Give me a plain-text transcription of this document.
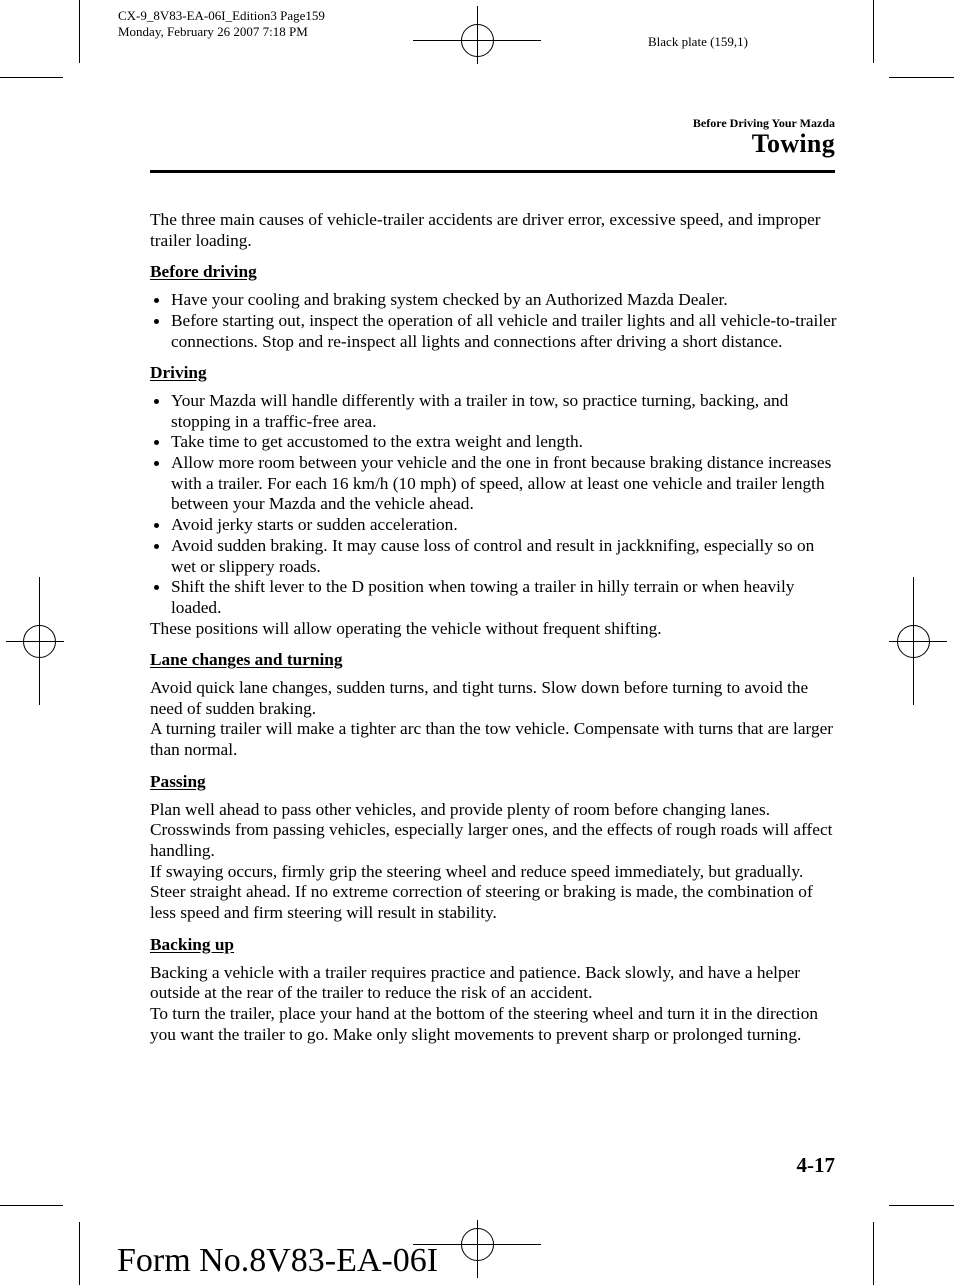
CX-9_8V83-EA-06I_Edition3 Page159
Monday, February 26 2007 7:18 PM
Black plate (159,1)
Before Driving Your Mazda
Towing

The three main causes of vehicle-trailer accidents are driver error, excessive speed, and improper trailer loading.

Before driving
Have your cooling and braking system checked by an Authorized Mazda Dealer.
Before starting out, inspect the operation of all vehicle and trailer lights and all vehicle-to-trailer connections. Stop and re-inspect all lights and connections after driving a short distance.
Driving
Your Mazda will handle differently with a trailer in tow, so practice turning, backing, and stopping in a traffic-free area.
Take time to get accustomed to the extra weight and length.
Allow more room between your vehicle and the one in front because braking distance increases with a trailer. For each 16 km/h (10 mph) of speed, allow at least one vehicle and trailer length between your Mazda and the vehicle ahead.
Avoid jerky starts or sudden acceleration.
Avoid sudden braking. It may cause loss of control and result in jackknifing, especially so on wet or slippery roads.
Shift the shift lever to the D position when towing a trailer in hilly terrain or when heavily loaded.

These positions will allow operating the vehicle without frequent shifting.

Lane changes and turning

Avoid quick lane changes, sudden turns, and tight turns. Slow down before turning to avoid the need of sudden braking.

A turning trailer will make a tighter arc than the tow vehicle. Compensate with turns that are larger than normal.

Passing

Plan well ahead to pass other vehicles, and provide plenty of room before changing lanes.

Crosswinds from passing vehicles, especially larger ones, and the effects of rough roads will affect handling.

If swaying occurs, firmly grip the steering wheel and reduce speed immediately, but gradually.

Steer straight ahead. If no extreme correction of steering or braking is made, the combination of less speed and firm steering will result in stability.

Backing up

Backing a vehicle with a trailer requires practice and patience. Back slowly, and have a helper outside at the rear of the trailer to reduce the risk of an accident.

To turn the trailer, place your hand at the bottom of the steering wheel and turn it in the direction you want the trailer to go. Make only slight movements to prevent sharp or prolonged turning.

4-17
Form No.8V83-EA-06I
